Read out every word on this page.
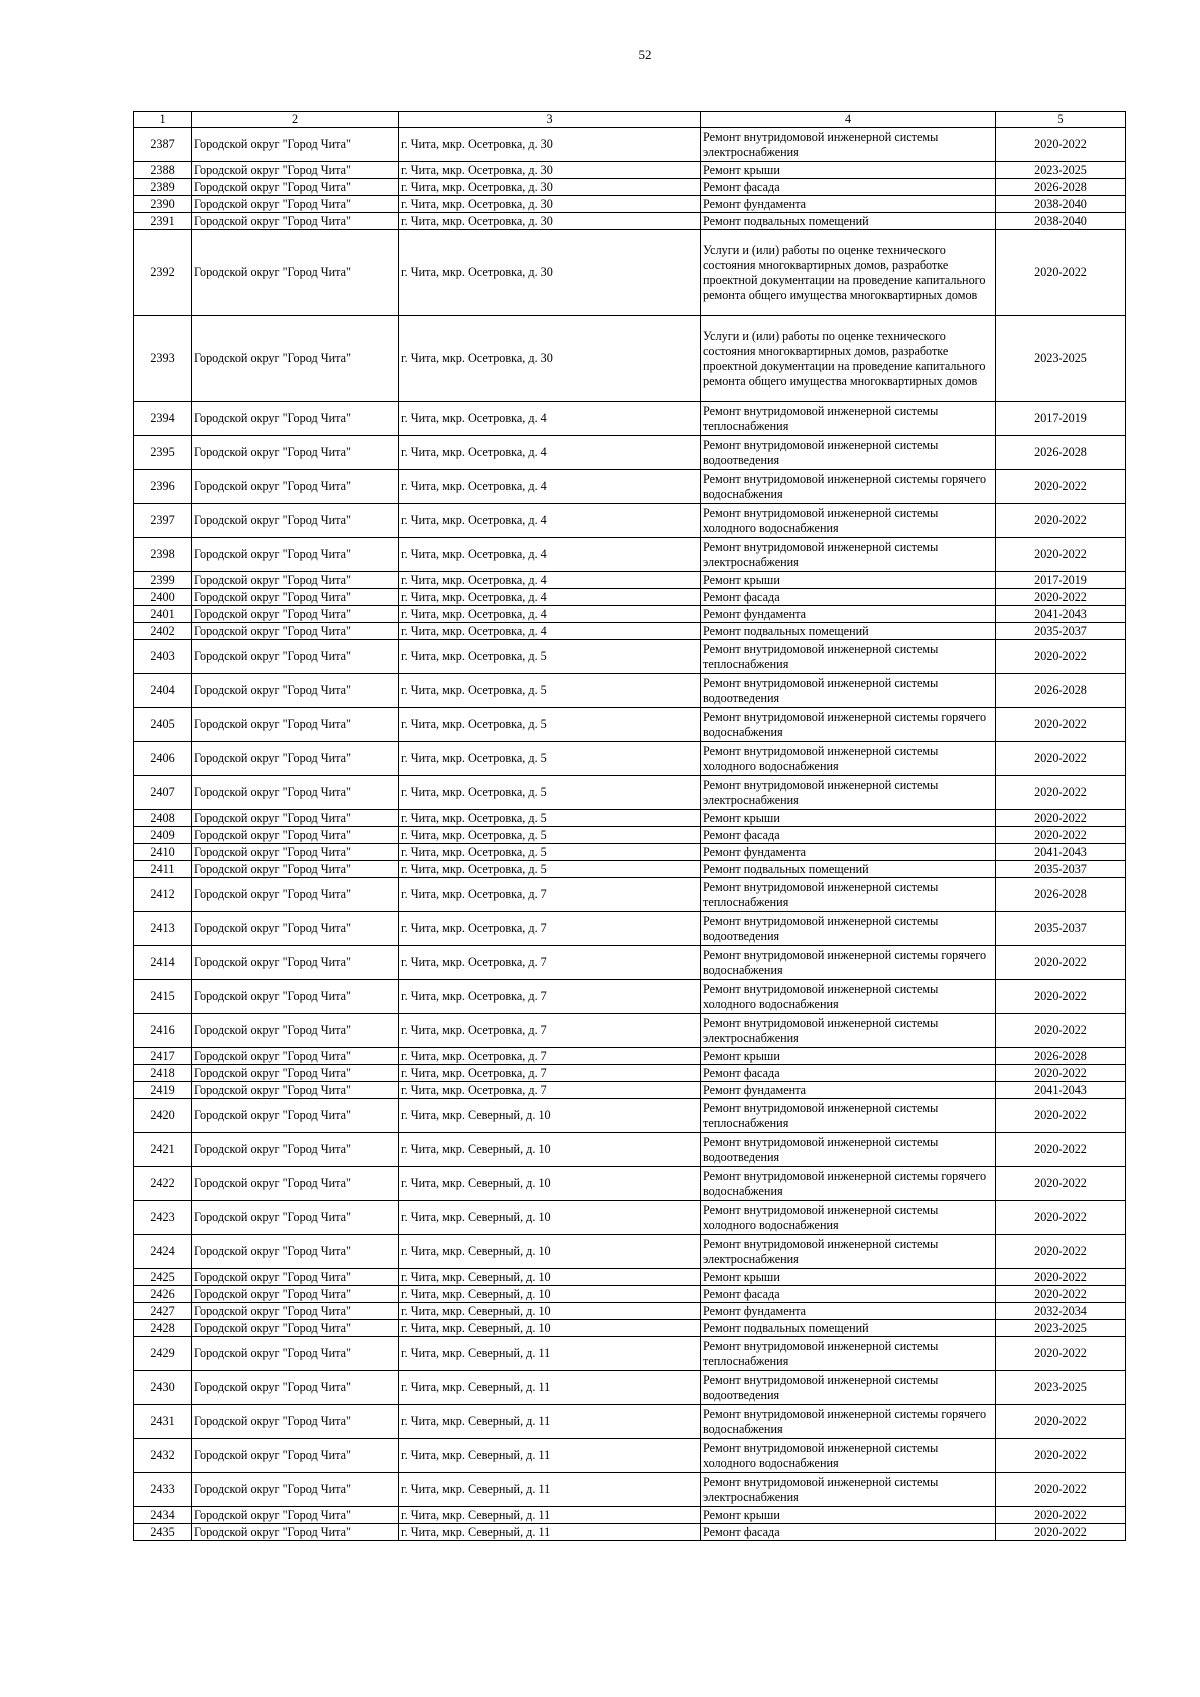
52
1	2	3	4	5
2387	Городской округ "Город Чита"	г. Чита, мкр. Осетровка, д. 30	Ремонт внутридомовой инженерной системы электроснабжения	2020-2022
2388	Городской округ "Город Чита"	г. Чита, мкр. Осетровка, д. 30	Ремонт крыши	2023-2025
2389	Городской округ "Город Чита"	г. Чита, мкр. Осетровка, д. 30	Ремонт фасада	2026-2028
2390	Городской округ "Город Чита"	г. Чита, мкр. Осетровка, д. 30	Ремонт фундамента	2038-2040
2391	Городской округ "Город Чита"	г. Чита, мкр. Осетровка, д. 30	Ремонт подвальных помещений	2038-2040
2392	Городской округ "Город Чита"	г. Чита, мкр. Осетровка, д. 30	Услуги и (или) работы по оценке технического состояния многоквартирных домов, разработке проектной документации на проведение капитального ремонта общего имущества многоквартирных домов	2020-2022
2393	Городской округ "Город Чита"	г. Чита, мкр. Осетровка, д. 30	Услуги и (или) работы по оценке технического состояния многоквартирных домов, разработке проектной документации на проведение капитального ремонта общего имущества многоквартирных домов	2023-2025
2394	Городской округ "Город Чита"	г. Чита, мкр. Осетровка, д. 4	Ремонт внутридомовой инженерной системы теплоснабжения	2017-2019
2395	Городской округ "Город Чита"	г. Чита, мкр. Осетровка, д. 4	Ремонт внутридомовой инженерной системы водоотведения	2026-2028
2396	Городской округ "Город Чита"	г. Чита, мкр. Осетровка, д. 4	Ремонт внутридомовой инженерной системы горячего водоснабжения	2020-2022
2397	Городской округ "Город Чита"	г. Чита, мкр. Осетровка, д. 4	Ремонт внутридомовой инженерной системы холодного водоснабжения	2020-2022
2398	Городской округ "Город Чита"	г. Чита, мкр. Осетровка, д. 4	Ремонт внутридомовой инженерной системы электроснабжения	2020-2022
2399	Городской округ "Город Чита"	г. Чита, мкр. Осетровка, д. 4	Ремонт крыши	2017-2019
2400	Городской округ "Город Чита"	г. Чита, мкр. Осетровка, д. 4	Ремонт фасада	2020-2022
2401	Городской округ "Город Чита"	г. Чита, мкр. Осетровка, д. 4	Ремонт фундамента	2041-2043
2402	Городской округ "Город Чита"	г. Чита, мкр. Осетровка, д. 4	Ремонт подвальных помещений	2035-2037
2403	Городской округ "Город Чита"	г. Чита, мкр. Осетровка, д. 5	Ремонт внутридомовой инженерной системы теплоснабжения	2020-2022
2404	Городской округ "Город Чита"	г. Чита, мкр. Осетровка, д. 5	Ремонт внутридомовой инженерной системы водоотведения	2026-2028
2405	Городской округ "Город Чита"	г. Чита, мкр. Осетровка, д. 5	Ремонт внутридомовой инженерной системы горячего водоснабжения	2020-2022
2406	Городской округ "Город Чита"	г. Чита, мкр. Осетровка, д. 5	Ремонт внутридомовой инженерной системы холодного водоснабжения	2020-2022
2407	Городской округ "Город Чита"	г. Чита, мкр. Осетровка, д. 5	Ремонт внутридомовой инженерной системы электроснабжения	2020-2022
2408	Городской округ "Город Чита"	г. Чита, мкр. Осетровка, д. 5	Ремонт крыши	2020-2022
2409	Городской округ "Город Чита"	г. Чита, мкр. Осетровка, д. 5	Ремонт фасада	2020-2022
2410	Городской округ "Город Чита"	г. Чита, мкр. Осетровка, д. 5	Ремонт фундамента	2041-2043
2411	Городской округ "Город Чита"	г. Чита, мкр. Осетровка, д. 5	Ремонт подвальных помещений	2035-2037
2412	Городской округ "Город Чита"	г. Чита, мкр. Осетровка, д. 7	Ремонт внутридомовой инженерной системы теплоснабжения	2026-2028
2413	Городской округ "Город Чита"	г. Чита, мкр. Осетровка, д. 7	Ремонт внутридомовой инженерной системы водоотведения	2035-2037
2414	Городской округ "Город Чита"	г. Чита, мкр. Осетровка, д. 7	Ремонт внутридомовой инженерной системы горячего водоснабжения	2020-2022
2415	Городской округ "Город Чита"	г. Чита, мкр. Осетровка, д. 7	Ремонт внутридомовой инженерной системы холодного водоснабжения	2020-2022
2416	Городской округ "Город Чита"	г. Чита, мкр. Осетровка, д. 7	Ремонт внутридомовой инженерной системы электроснабжения	2020-2022
2417	Городской округ "Город Чита"	г. Чита, мкр. Осетровка, д. 7	Ремонт крыши	2026-2028
2418	Городской округ "Город Чита"	г. Чита, мкр. Осетровка, д. 7	Ремонт фасада	2020-2022
2419	Городской округ "Город Чита"	г. Чита, мкр. Осетровка, д. 7	Ремонт фундамента	2041-2043
2420	Городской округ "Город Чита"	г. Чита, мкр. Северный, д. 10	Ремонт внутридомовой инженерной системы теплоснабжения	2020-2022
2421	Городской округ "Город Чита"	г. Чита, мкр. Северный, д. 10	Ремонт внутридомовой инженерной системы водоотведения	2020-2022
2422	Городской округ "Город Чита"	г. Чита, мкр. Северный, д. 10	Ремонт внутридомовой инженерной системы горячего водоснабжения	2020-2022
2423	Городской округ "Город Чита"	г. Чита, мкр. Северный, д. 10	Ремонт внутридомовой инженерной системы холодного водоснабжения	2020-2022
2424	Городской округ "Город Чита"	г. Чита, мкр. Северный, д. 10	Ремонт внутридомовой инженерной системы электроснабжения	2020-2022
2425	Городской округ "Город Чита"	г. Чита, мкр. Северный, д. 10	Ремонт крыши	2020-2022
2426	Городской округ "Город Чита"	г. Чита, мкр. Северный, д. 10	Ремонт фасада	2020-2022
2427	Городской округ "Город Чита"	г. Чита, мкр. Северный, д. 10	Ремонт фундамента	2032-2034
2428	Городской округ "Город Чита"	г. Чита, мкр. Северный, д. 10	Ремонт подвальных помещений	2023-2025
2429	Городской округ "Город Чита"	г. Чита, мкр. Северный, д. 11	Ремонт внутридомовой инженерной системы теплоснабжения	2020-2022
2430	Городской округ "Город Чита"	г. Чита, мкр. Северный, д. 11	Ремонт внутридомовой инженерной системы водоотведения	2023-2025
2431	Городской округ "Город Чита"	г. Чита, мкр. Северный, д. 11	Ремонт внутридомовой инженерной системы горячего водоснабжения	2020-2022
2432	Городской округ "Город Чита"	г. Чита, мкр. Северный, д. 11	Ремонт внутридомовой инженерной системы холодного водоснабжения	2020-2022
2433	Городской округ "Город Чита"	г. Чита, мкр. Северный, д. 11	Ремонт внутридомовой инженерной системы электроснабжения	2020-2022
2434	Городской округ "Город Чита"	г. Чита, мкр. Северный, д. 11	Ремонт крыши	2020-2022
2435	Городской округ "Город Чита"	г. Чита, мкр. Северный, д. 11	Ремонт фасада	2020-2022
